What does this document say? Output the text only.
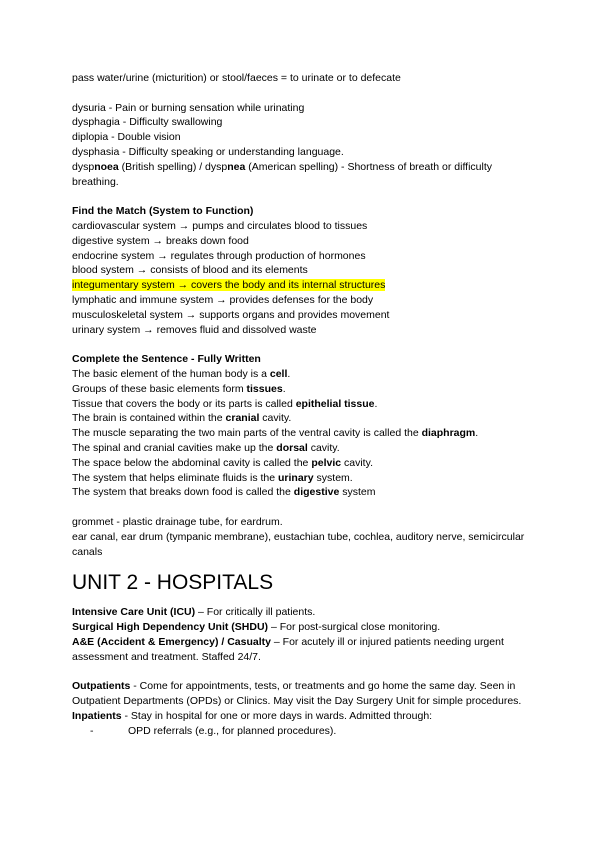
pass water/urine (micturition) or stool/faeces = to urinate or to defecate
dysuria - Pain or burning sensation while urinating
dysphagia - Difficulty swallowing
diplopia - Double vision
dysphasia - Difficulty speaking or understanding language.
dyspnoea (British spelling) / dyspnea (American spelling) - Shortness of breath or difficulty breathing.
Find the Match (System to Function)
cardiovascular system → pumps and circulates blood to tissues
digestive system → breaks down food
endocrine system → regulates through production of hormones
blood system → consists of blood and its elements
integumentary system → covers the body and its internal structures
lymphatic and immune system → provides defenses for the body
musculoskeletal system → supports organs and provides movement
urinary system → removes fluid and dissolved waste
Complete the Sentence - Fully Written
The basic element of the human body is a cell.
Groups of these basic elements form tissues.
Tissue that covers the body or its parts is called epithelial tissue.
The brain is contained within the cranial cavity.
The muscle separating the two main parts of the ventral cavity is called the diaphragm.
The spinal and cranial cavities make up the dorsal cavity.
The space below the abdominal cavity is called the pelvic cavity.
The system that helps eliminate fluids is the urinary system.
The system that breaks down food is called the digestive system
grommet - plastic drainage tube, for eardrum.
ear canal, ear drum (tympanic membrane), eustachian tube, cochlea, auditory nerve, semicircular canals
UNIT 2 - HOSPITALS
Intensive Care Unit (ICU) – For critically ill patients.
Surgical High Dependency Unit (SHDU) – For post-surgical close monitoring.
A&E (Accident & Emergency) / Casualty – For acutely ill or injured patients needing urgent assessment and treatment. Staffed 24/7.
Outpatients - Come for appointments, tests, or treatments and go home the same day. Seen in Outpatient Departments (OPDs) or Clinics. May visit the Day Surgery Unit for simple procedures.
Inpatients - Stay in hospital for one or more days in wards. Admitted through:
-	OPD referrals (e.g., for planned procedures).
